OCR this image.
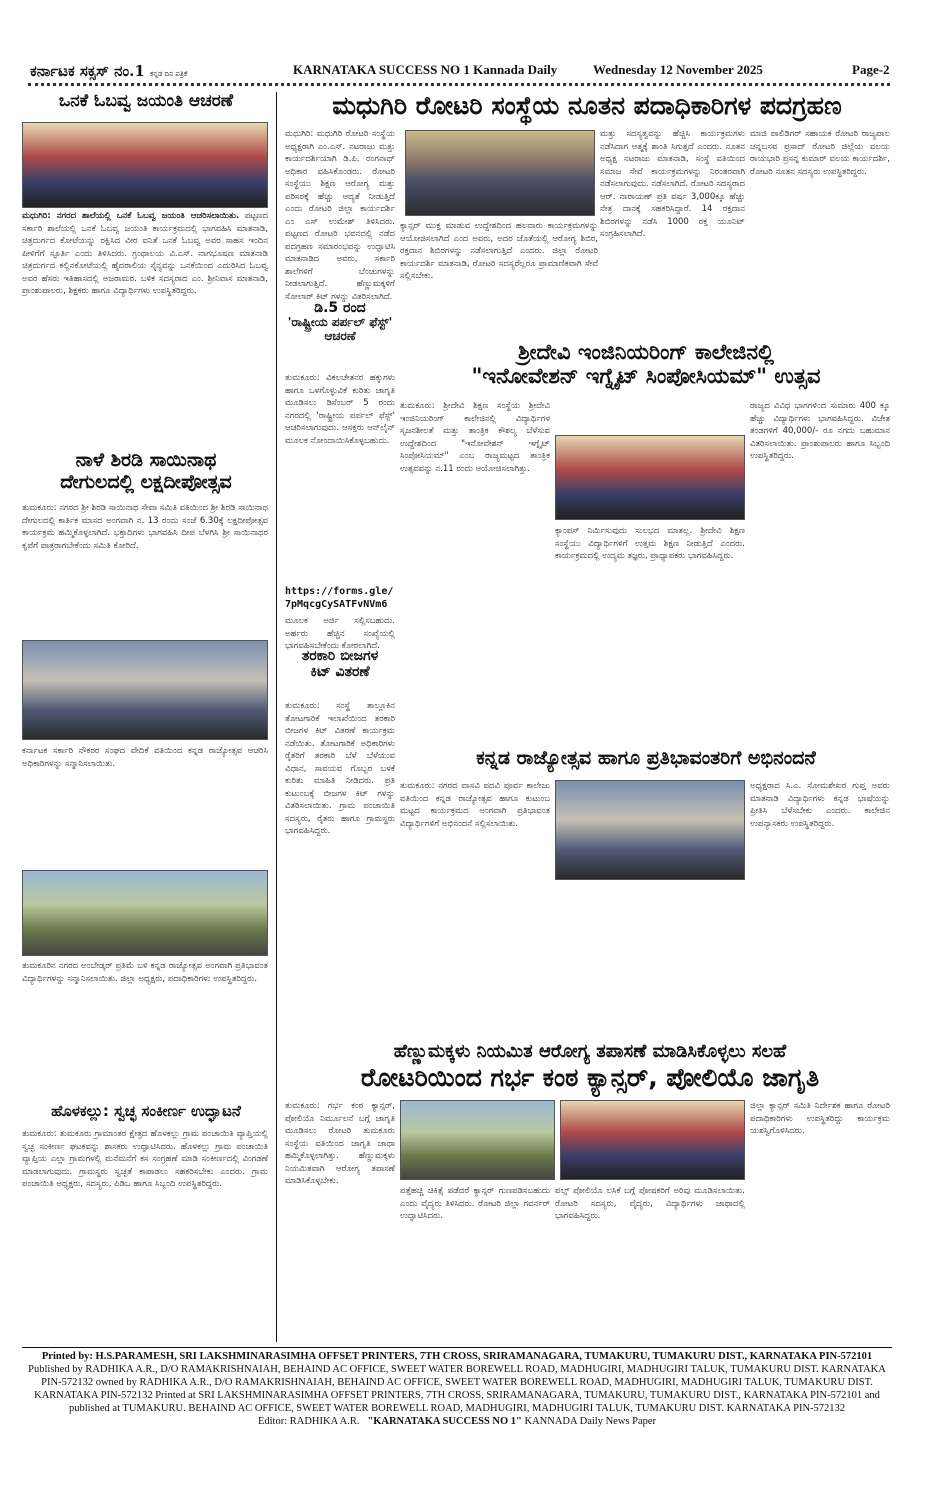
ಕರ್ನಾಟಕ ಸಕ್ಸಸ್ ನಂ.1 ಕನ್ನಡ ದಿನ ಪತ್ರಿಕೆ	KARNATAKA SUCCESS NO 1 Kannada Daily	Wednesday 12 November 2025	Page-2
ಒನಕೆ ಓಬವ್ವ ಜಯಂತಿ ಆಚರಣೆ
ಮಧುಗಿರಿ: ನಗರದ ಶಾಲೆಯಲ್ಲಿ ಒನಕೆ ಓಬವ್ವ ಜಯಂತಿ ಆಚರಿಸಲಾಯಿತು. ಪಟ್ಟಣದ ಸರ್ಕಾರಿ ಶಾಲೆಯಲ್ಲಿ ಒನಕೆ ಓಬವ್ವ ಜಯಂತಿ ಕಾರ್ಯಕ್ರಮದಲ್ಲಿ ಭಾಗವಹಿಸಿ ಮಾತನಾಡಿ, ಚಿತ್ರದುರ್ಗದ ಕೋಟೆಯನ್ನು ರಕ್ಷಿಸಿದ ವೀರ ವನಿತೆ ಒನಕೆ ಓಬವ್ವ ಅವರ ಸಾಹಸ ಇಂದಿನ ಪೀಳಿಗೆಗೆ ಸ್ಫೂರ್ತಿ ಎಂದು ತಿಳಿಸಿದರು. ಗ್ರಂಥಾಲಯ ವಿ.ಎಸ್. ನಾಗಭೂಷಣ ಮಾತನಾಡಿ ಚಿತ್ರದುರ್ಗದ ಕಲ್ಲಿನಕೋಟೆಯಲ್ಲಿ ಹೈದರಾಲಿಯ ಸೈನ್ಯವನ್ನು ಒನಕೆಯಿಂದ ಎದುರಿಸಿದ ಓಬವ್ವ ಅವರ ಹೆಸರು ಇತಿಹಾಸದಲ್ಲಿ ಅಜರಾಮರ. ಬಳಿಕ ಸದಸ್ಯರಾದ ಎಂ. ಶ್ರೀನಿವಾಸ ಮಾತನಾಡಿ, ಪ್ರಾಂಶುಪಾಲರು, ಶಿಕ್ಷಕರು ಹಾಗೂ ವಿದ್ಯಾರ್ಥಿಗಳು ಉಪಸ್ಥಿತರಿದ್ದರು.
ನಾಳೆ ಶಿರಡಿ ಸಾಯಿನಾಥ
ದೇಗುಲದಲ್ಲಿ ಲಕ್ಷದೀಪೋತ್ಸವ
ತುಮಕೂರು: ನಗರದ ಶ್ರೀ ಶಿರಡಿ ಸಾಯಿನಾಥ ಸೇವಾ ಸಮಿತಿ ವತಿಯಿಂದ ಶ್ರೀ ಶಿರಡಿ ಸಾಯಿನಾಥ ದೇಗುಲದಲ್ಲಿ ಕಾರ್ತಿಕ ಮಾಸದ ಅಂಗವಾಗಿ ನ. 13 ರಂದು ಸಂಜೆ 6.30ಕ್ಕೆ ಲಕ್ಷದೀಪೋತ್ಸವ ಕಾರ್ಯಕ್ರಮ ಹಮ್ಮಿಕೊಳ್ಳಲಾಗಿದೆ. ಭಕ್ತಾದಿಗಳು ಭಾಗವಹಿಸಿ ದೀಪ ಬೆಳಗಿಸಿ ಶ್ರೀ ಸಾಯಿನಾಥರ ಕೃಪೆಗೆ ಪಾತ್ರರಾಗಬೇಕೆಂದು ಸಮಿತಿ ಕೋರಿದೆ.
ಕರ್ನಾಟಕ ಸರ್ಕಾರಿ ನೌಕರರ ಸಂಘದ ವೇದಿಕೆ ವತಿಯಿಂದ ಕನ್ನಡ ರಾಜ್ಯೋತ್ಸವ ಆಚರಿಸಿ ಅಧಿಕಾರಿಗಳನ್ನು ಸನ್ಮಾನಿಸಲಾಯಿತು.
ತುಮಕೂರಿನ ನಗರದ ಅಂಬೇಡ್ಕರ್ ಪ್ರತಿಮೆ ಬಳಿ ಕನ್ನಡ ರಾಜ್ಯೋತ್ಸವ ಅಂಗವಾಗಿ ಪ್ರತಿಭಾವಂತ ವಿದ್ಯಾರ್ಥಿಗಳನ್ನು ಸನ್ಮಾನಿಸಲಾಯಿತು. ಜಿಲ್ಲಾ ಅಧ್ಯಕ್ಷರು, ಪದಾಧಿಕಾರಿಗಳು ಉಪಸ್ಥಿತರಿದ್ದರು.
ಹೊಳಕಲ್ಲು: ಸ್ವಚ್ಛ ಸಂಕೀರ್ಣ ಉದ್ಘಾಟನೆ
ತುಮಕೂರು: ತುಮಕೂರು ಗ್ರಾಮಾಂತರ ಕ್ಷೇತ್ರದ ಹೊಳಕಲ್ಲು ಗ್ರಾಮ ಪಂಚಾಯಿತಿ ವ್ಯಾಪ್ತಿಯಲ್ಲಿ ಸ್ವಚ್ಛ ಸಂಕೀರ್ಣ ಘಟಕವನ್ನು ಶಾಸಕರು ಉದ್ಘಾಟಿಸಿದರು. ಹೊಳಕಲ್ಲು ಗ್ರಾಮ ಪಂಚಾಯಿತಿ ವ್ಯಾಪ್ತಿಯ ಎಲ್ಲಾ ಗ್ರಾಮಗಳಲ್ಲಿ ಮನೆಮನೆಗೆ ಕಸ ಸಂಗ್ರಹಣೆ ಮಾಡಿ ಸಂಕೀರ್ಣದಲ್ಲಿ ವಿಂಗಡಣೆ ಮಾಡಲಾಗುವುದು. ಗ್ರಾಮಸ್ಥರು ಸ್ವಚ್ಛತೆ ಕಾಪಾಡಲು ಸಹಕರಿಸಬೇಕು ಎಂದರು. ಗ್ರಾಮ ಪಂಚಾಯಿತಿ ಅಧ್ಯಕ್ಷರು, ಸದಸ್ಯರು, ಪಿಡಿಒ ಹಾಗೂ ಸಿಬ್ಬಂದಿ ಉಪಸ್ಥಿತರಿದ್ದರು.
ಮಧುಗಿರಿ ರೋಟರಿ ಸಂಸ್ಥೆಯ ನೂತನ ಪದಾಧಿಕಾರಿಗಳ ಪದಗ್ರಹಣ
ಮಧುಗಿರಿ: ಮಧುಗಿರಿ ರೋಟರಿ ಸಂಸ್ಥೆಯ ಅಧ್ಯಕ್ಷರಾಗಿ ಎಂ.ಎಸ್. ನಟರಾಜು ಮತ್ತು ಕಾರ್ಯದರ್ಶಿಯಾಗಿ ಡಿ.ಪಿ. ರಂಗನಾಥ್ ಅಧಿಕಾರ ವಹಿಸಿಕೊಂಡರು. ರೋಟರಿ ಸಂಸ್ಥೆಯು ಶಿಕ್ಷಣ ಆರೋಗ್ಯ ಮತ್ತು ಪರಿಸರಕ್ಕೆ ಹೆಚ್ಚು ಆದ್ಯತೆ ನೀಡುತ್ತಿದೆ ಎಂದು ರೋಟರಿ ಜಿಲ್ಲಾ ಕಾರ್ಯದರ್ಶಿ ಎಂ ಎಸ್ ಉಮೇಶ್ ತಿಳಿಸಿದರು. ಪಟ್ಟಣದ ರೋಟರಿ ಭವನದಲ್ಲಿ ನಡೆದ ಪದಗ್ರಹಣ ಸಮಾರಂಭವನ್ನು ಉದ್ಘಾಟಿಸಿ ಮಾತನಾಡಿದ ಅವರು, ಸರ್ಕಾರಿ ಶಾಲೆಗಳಿಗೆ ಬೆಂಚುಗಳನ್ನು ನೀಡಲಾಗುತ್ತಿದೆ. ಹೆಣ್ಣುಮಕ್ಕಳಿಗೆ ಸೋಲಾರ್ ಕಿಟ್ ಗಳನ್ನು ವಿತರಿಸಲಾಗಿದೆ.
ಕ್ಯಾನ್ಸರ್ ಮುಕ್ತ ಮಾಡುವ ಉದ್ದೇಶದಿಂದ ಹಲವಾರು ಕಾರ್ಯಕ್ರಮಗಳನ್ನು ಆಯೋಜಿಸಲಾಗಿದೆ ಎಂದ ಅವರು, ಅದರ ಜೊತೆಯಲ್ಲಿ ಆರೋಗ್ಯ ಶಿಬಿರ, ರಕ್ತದಾನ ಶಿಬಿರಗಳನ್ನು ನಡೆಸಲಾಗುತ್ತಿದೆ ಎಂದರು. ಜಿಲ್ಲಾ ರೋಟರಿ ಕಾರ್ಯದರ್ಶಿ ಮಾತನಾಡಿ, ರೋಟರಿ ಸದಸ್ಯರೆಲ್ಲರೂ ಪ್ರಾಮಾಣಿಕವಾಗಿ ಸೇವೆ ಸಲ್ಲಿಸಬೇಕು.
ಮತ್ತು ಸದಸ್ಯತ್ವವನ್ನು ಹೆಚ್ಚಿಸಿ ಕಾರ್ಯಕ್ರಮಗಳು ನಡೆಸಿದಾಗ ಆತ್ಮಕ್ಕೆ ಶಾಂತಿ ಸಿಗುತ್ತದೆ ಎಂದರು. ನೂತನ ಅಧ್ಯಕ್ಷ ನಟರಾಜು ಮಾತನಾಡಿ, ಸಂಸ್ಥೆ ವತಿಯಿಂದ ಸಮಾಜ ಸೇವೆ ಕಾರ್ಯಕ್ರಮಗಳನ್ನು ನಿರಂತರವಾಗಿ ನಡೆಸಲಾಗುವುದು. ನಡೆಸಲಾಗಿದೆ. ರೋಟರಿ ಸದಸ್ಯರಾದ ಆರ್. ನಾರಾಯಣ್ ಪ್ರತಿ ವರ್ಷ 3,000ಕ್ಕೂ ಹೆಚ್ಚು ನೇತ್ರ ದಾನಕ್ಕೆ ಸಹಕರಿಸಿದ್ದಾರೆ. 14 ರಕ್ತದಾನ ಶಿಬಿರಗಳನ್ನು ನಡೆಸಿ 1000 ರಕ್ತ ಯೂನಿಟ್ ಸಂಗ್ರಹಿಸಲಾಗಿದೆ.
ಮಾಜಿ ಪಾಲಿಡಿಗರ್ ಸಹಾಯಕ ರೋಟರಿ ರಾಜ್ಯಪಾಲ ಚನ್ನಬಸವ ಪ್ರಸಾದ್ ರೋಟರಿ ಜಿಲ್ಲೆಯ ವಲಯ ರಾಯಭಾರಿ ಪ್ರಸನ್ನ ಕುಮಾರ್ ವಲಯ ಕಾರ್ಯದರ್ಶಿ, ರೋಟರಿ ನೂತನ ಸದಸ್ಯರು ಉಪಸ್ಥಿತರಿದ್ದರು.
ಡಿ.5 ರಂದ
'ರಾಷ್ಟ್ರೀಯ ಪರ್ಪಲ್ ಫೆಸ್ಟ್' ಆಚರಣೆ
ತುಮಕೂರು: ವಿಕಲಚೇತನರ ಹಕ್ಕುಗಳು ಹಾಗೂ ಒಳಗೊಳ್ಳುವಿಕೆ ಕುರಿತು ಜಾಗೃತಿ ಮೂಡಿಸಲು ಡಿಸೆಂಬರ್ 5 ರಂದು ನಗರದಲ್ಲಿ 'ರಾಷ್ಟ್ರೀಯ ಪರ್ಪಲ್ ಫೆಸ್ಟ್' ಆಚರಿಸಲಾಗುವುದು. ಆಸಕ್ತರು ಆನ್‌ಲೈನ್ ಮೂಲಕ ನೋಂದಾಯಿಸಿಕೊಳ್ಳಬಹುದು.
https://forms.gle/7pMqcgCySATFvNVm6
ಮೂಲಕ ಅರ್ಜಿ ಸಲ್ಲಿಸಬಹುದು. ಅರ್ಹರು ಹೆಚ್ಚಿನ ಸಂಖ್ಯೆಯಲ್ಲಿ ಭಾಗವಹಿಸಬೇಕೆಂದು ಕೋರಲಾಗಿದೆ.
ತರಕಾರಿ ಬೀಜಗಳ
ಕಿಟ್ ವಿತರಣೆ
ತುಮಕೂರು: ಸಂಸ್ಥೆ ತಾಲ್ಲೂಕಿನ ತೋಟಗಾರಿಕೆ ಇಲಾಖೆಯಿಂದ ತರಕಾರಿ ಬೀಜಗಳ ಕಿಟ್ ವಿತರಣೆ ಕಾರ್ಯಕ್ರಮ ನಡೆಯಿತು. ತೋಟಗಾರಿಕೆ ಅಧಿಕಾರಿಗಳು ರೈತರಿಗೆ ತರಕಾರಿ ಬೆಳೆ ಬೆಳೆಯುವ ವಿಧಾನ, ಸಾವಯವ ಗೊಬ್ಬರ ಬಳಕೆ ಕುರಿತು ಮಾಹಿತಿ ನೀಡಿದರು. ಪ್ರತಿ ಕುಟುಂಬಕ್ಕೆ ಬೀಜಗಳ ಕಿಟ್ ಗಳನ್ನು ವಿತರಿಸಲಾಯಿತು. ಗ್ರಾಮ ಪಂಚಾಯಿತಿ ಸದಸ್ಯರು, ರೈತರು ಹಾಗೂ ಗ್ರಾಮಸ್ಥರು ಭಾಗವಹಿಸಿದ್ದರು.
ಶ್ರೀದೇವಿ ಇಂಜಿನಿಯರಿಂಗ್ ಕಾಲೇಜಿನಲ್ಲಿ
"ಇನೋವೇಶನ್ ಇಗ್ನೈಟ್ ಸಿಂಪೋಸಿಯಮ್" ಉತ್ಸವ
ತುಮಕೂರು: ಶ್ರೀದೇವಿ ಶಿಕ್ಷಣ ಸಂಸ್ಥೆಯ ಶ್ರೀದೇವಿ ಇಂಜಿನಿಯರಿಂಗ್ ಕಾಲೇಜಿನಲ್ಲಿ ವಿದ್ಯಾರ್ಥಿಗಳ ಸೃಜನಶೀಲತೆ ಮತ್ತು ತಾಂತ್ರಿಕ ಕೌಶಲ್ಯ ಬೆಳೆಸುವ ಉದ್ದೇಶದಿಂದ "ಇನೋವೇಶನ್ ಇಗ್ನೈಟ್ ಸಿಂಪೋಸಿಯಮ್" ಎಂಬ ರಾಜ್ಯಮಟ್ಟದ ತಾಂತ್ರಿಕ ಉತ್ಸವವನ್ನು ನ.11 ರಂದು ಆಯೋಜಿಸಲಾಗಿತ್ತು.
ಕ್ಯಾಂಪಸ್ ನಿರ್ಮಿಸುವುದು ಸುಲಭದ ಮಾತಲ್ಲ. ಶ್ರೀದೇವಿ ಶಿಕ್ಷಣ ಸಂಸ್ಥೆಯು ವಿದ್ಯಾರ್ಥಿಗಳಿಗೆ ಉತ್ತಮ ಶಿಕ್ಷಣ ನೀಡುತ್ತಿದೆ ಎಂದರು. ಕಾರ್ಯಕ್ರಮದಲ್ಲಿ ಉದ್ಯಮ ತಜ್ಞರು, ಪ್ರಾಧ್ಯಾಪಕರು ಭಾಗವಹಿಸಿದ್ದರು.
ರಾಜ್ಯದ ವಿವಿಧ ಭಾಗಗಳಿಂದ ಸುಮಾರು 400 ಕ್ಕೂ ಹೆಚ್ಚು ವಿದ್ಯಾರ್ಥಿಗಳು ಭಾಗವಹಿಸಿದ್ದರು. ವಿಜೇತ ತಂಡಗಳಿಗೆ 40,000/- ರೂ ನಗದು ಬಹುಮಾನ ವಿತರಿಸಲಾಯಿತು. ಪ್ರಾಂಶುಪಾಲರು ಹಾಗೂ ಸಿಬ್ಬಂದಿ ಉಪಸ್ಥಿತರಿದ್ದರು.
ಕನ್ನಡ ರಾಜ್ಯೋತ್ಸವ ಹಾಗೂ ಪ್ರತಿಭಾವಂತರಿಗೆ ಅಭಿನಂದನೆ
ತುಮಕೂರು: ನಗರದ ವಾಸವಿ ಪದವಿ ಪೂರ್ವ ಕಾಲೇಜು ವತಿಯಿಂದ ಕನ್ನಡ ರಾಜ್ಯೋತ್ಸವ ಹಾಗೂ ಕುಟುಂಬ ಮಟ್ಟದ ಕಾರ್ಯಕ್ರಮದ ಅಂಗವಾಗಿ ಪ್ರತಿಭಾವಂತ ವಿದ್ಯಾರ್ಥಿಗಳಿಗೆ ಅಭಿನಂದನೆ ಸಲ್ಲಿಸಲಾಯಿತು.
ಅಧ್ಯಕ್ಷರಾದ ಸಿ.ಎ. ಸೋಮಶೇಖರ ಗುಪ್ತ ಅವರು ಮಾತನಾಡಿ ವಿದ್ಯಾರ್ಥಿಗಳು ಕನ್ನಡ ಭಾಷೆಯನ್ನು ಪ್ರೀತಿಸಿ ಬೆಳೆಸಬೇಕು ಎಂದರು. ಕಾಲೇಜಿನ ಉಪನ್ಯಾಸಕರು ಉಪಸ್ಥಿತರಿದ್ದರು.
ಹೆಣ್ಣುಮಕ್ಕಳು ನಿಯಮಿತ ಆರೋಗ್ಯ ತಪಾಸಣೆ ಮಾಡಿಸಿಕೊಳ್ಳಲು ಸಲಹೆ
ರೋಟರಿಯಿಂದ ಗರ್ಭ ಕಂಠ ಕ್ಯಾನ್ಸರ್, ಪೋಲಿಯೊ ಜಾಗೃತಿ
ತುಮಕೂರು: ಗರ್ಭ ಕಂಠ ಕ್ಯಾನ್ಸರ್, ಪೋಲಿಯೊ ನಿರ್ಮೂಲನೆ ಬಗ್ಗೆ ಜಾಗೃತಿ ಮೂಡಿಸಲು ರೋಟರಿ ತುಮಕೂರು ಸಂಸ್ಥೆಯ ವತಿಯಿಂದ ಜಾಗೃತಿ ಜಾಥಾ ಹಮ್ಮಿಕೊಳ್ಳಲಾಗಿತ್ತು. ಹೆಣ್ಣುಮಕ್ಕಳು ನಿಯಮಿತವಾಗಿ ಆರೋಗ್ಯ ತಪಾಸಣೆ ಮಾಡಿಸಿಕೊಳ್ಳಬೇಕು.
ಪತ್ತೆಹಚ್ಚಿ ಚಿಕಿತ್ಸೆ ಪಡೆದರೆ ಕ್ಯಾನ್ಸರ್ ಗುಣಪಡಿಸಬಹುದು ಎಂದು ವೈದ್ಯರು ತಿಳಿಸಿದರು. ರೋಟರಿ ಜಿಲ್ಲಾ ಗವರ್ನರ್ ಉದ್ಘಾಟಿಸಿದರು.
ಪಲ್ಸ್ ಪೋಲಿಯೊ ಲಸಿಕೆ ಬಗ್ಗೆ ಪೋಷಕರಿಗೆ ಅರಿವು ಮೂಡಿಸಲಾಯಿತು. ರೋಟರಿ ಸದಸ್ಯರು, ವೈದ್ಯರು, ವಿದ್ಯಾರ್ಥಿಗಳು ಜಾಥಾದಲ್ಲಿ ಭಾಗವಹಿಸಿದ್ದರು.
ಜಿಲ್ಲಾ ಕ್ಯಾನ್ಸರ್ ಸಮಿತಿ ನಿರ್ದೇಶಕ ಹಾಗೂ ರೋಟರಿ ಪದಾಧಿಕಾರಿಗಳು ಉಪಸ್ಥಿತರಿದ್ದು ಕಾರ್ಯಕ್ರಮ ಯಶಸ್ವಿಗೊಳಿಸಿದರು.
Printed by: H.S.PARAMESH, SRI LAKSHMINARASIMHA OFFSET PRINTERS, 7TH CROSS, SRIRAMANAGARA, TUMAKURU, TUMAKURU DIST., KARNATAKA PIN-572101
Published by RADHIKA A.R., D/O RAMAKRISHNAIAH, BEHAIND AC OFFICE, SWEET WATER BOREWELL ROAD, MADHUGIRI, MADHUGIRI TALUK, TUMAKURU DIST. KARNATAKA PIN-572132 owned by RADHIKA A.R., D/O RAMAKRISHNAIAH, BEHAIND AC OFFICE, SWEET WATER BOREWELL ROAD, MADHUGIRI, MADHUGIRI TALUK, TUMAKURU DIST. KARNATAKA PIN-572132 Printed at SRI LAKSHMINARASIMHA OFFSET PRINTERS, 7TH CROSS, SRIRAMANAGARA, TUMAKURU, TUMAKURU DIST., KARNATAKA PIN-572101 and published at TUMAKURU. BEHAIND AC OFFICE, SWEET WATER BOREWELL ROAD, MADHUGIRI, MADHUGIRI TALUK, TUMAKURU DIST. KARNATAKA PIN-572132
Editor: RADHIKA A.R. "KARNATAKA SUCCESS NO 1" KANNADA Daily News Paper
